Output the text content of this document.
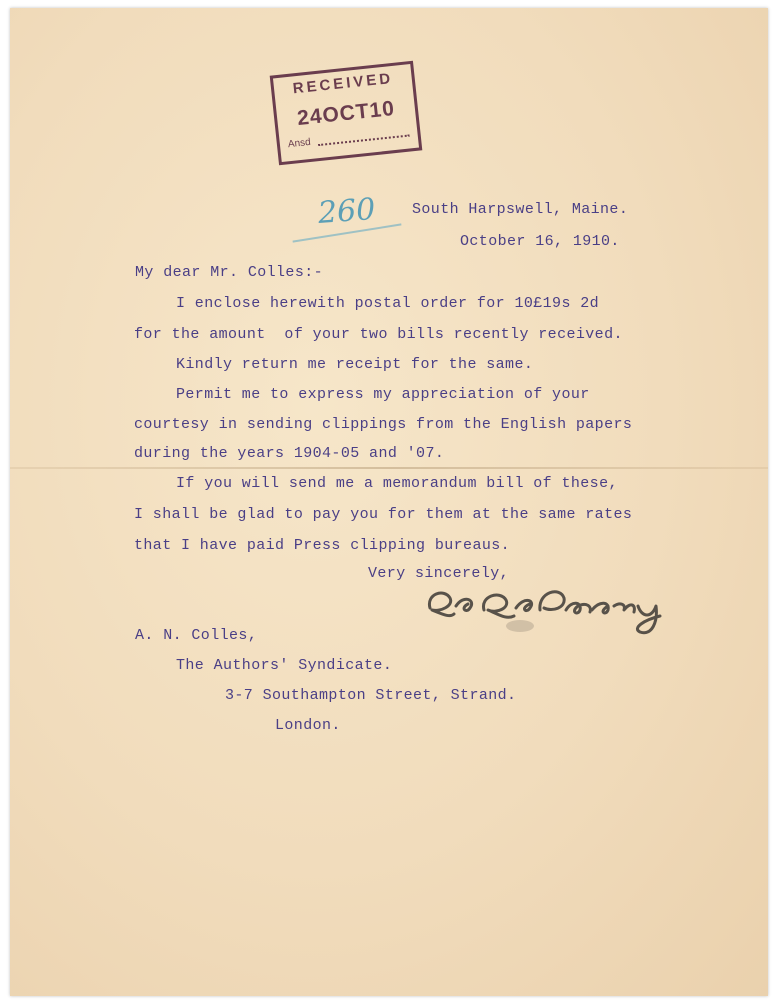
RECEIVED
24OCT10
Ansd
260 South Harpswell, Maine.
October 16, 1910.
My dear Mr. Colles:-
I enclose herewith postal order for 10£19s 2d
for the amount  of your two bills recently received.
Kindly return me receipt for the same.
Permit me to express my appreciation of your
courtesy in sending clippings from the English papers
during the years 1904-05 and '07.
If you will send me a memorandum bill of these,
I shall be glad to pay you for them at the same rates
that I have paid Press clipping bureaus.
Very sincerely,
A. N. Colles,
The Authors' Syndicate.
3-7 Southampton Street, Strand.
London.
